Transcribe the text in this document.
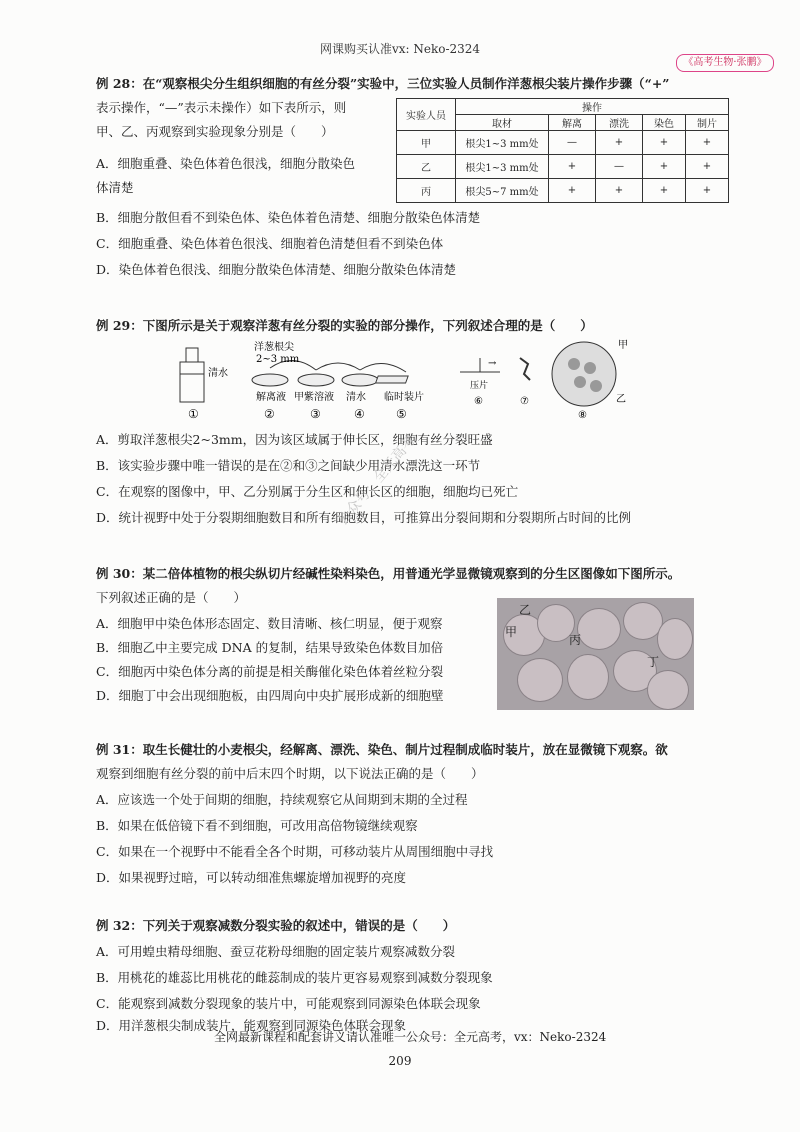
网课购买认准vx: Neko-2324
《高考生物·张鹏》
例 28：在“观察根尖分生组织细胞的有丝分裂”实验中，三位实验人员制作洋葱根尖装片操作步骤（“+”
表示操作，“—”表示未操作）如下表所示，则
甲、乙、丙观察到实验现象分别是（　　）
实验人员	操作				
	取材	解离	漂洗	染色	制片
甲	根尖1~3 mm处	—	+	+	+
乙	根尖1~3 mm处	+	—	+	+
丙	根尖5~7 mm处	+	+	+	+
A．细胞重叠、染色体着色很浅，细胞分散染色
体清楚
B．细胞分散但看不到染色体、染色体着色清楚、细胞分散染色体清楚
C．细胞重叠、染色体着色很浅、细胞着色清楚但看不到染色体
D．染色体着色很浅、细胞分散染色体清楚、细胞分散染色体清楚
例 29：下图所示是关于观察洋葱有丝分裂的实验的部分操作，下列叙述合理的是（　　）
→
①	②	③	④	⑤
⑥	⑦
⑧
洋葱根尖
2~3 mm
清水
解离液 甲紫溶液 清水 临时装片
压片
甲
乙
A．剪取洋葱根尖2~3mm，因为该区域属于伸长区，细胞有丝分裂旺盛
B．该实验步骤中唯一错误的是在②和③之间缺少用清水漂洗这一环节
C．在观察的图像中，甲、乙分别属于分生区和伸长区的细胞，细胞均已死亡
D．统计视野中处于分裂期细胞数目和所有细胞数目，可推算出分裂间期和分裂期所占时间的比例
公众号：全元高考
例 30：某二倍体植物的根尖纵切片经碱性染料染色，用普通光学显微镜观察到的分生区图像如下图所示。
下列叙述正确的是（　　）
A．细胞甲中染色体形态固定、数目清晰、核仁明显，便于观察
B．细胞乙中主要完成 DNA 的复制，结果导致染色体数目加倍
C．细胞丙中染色体分离的前提是相关酶催化染色体着丝粒分裂
D．细胞丁中会出现细胞板，由四周向中央扩展形成新的细胞壁
乙
甲
丙
丁
例 31：取生长健壮的小麦根尖，经解离、漂洗、染色、制片过程制成临时装片，放在显微镜下观察。欲
观察到细胞有丝分裂的前中后末四个时期，以下说法正确的是（　　）
A．应该选一个处于间期的细胞，持续观察它从间期到末期的全过程
B．如果在低倍镜下看不到细胞，可改用高倍物镜继续观察
C．如果在一个视野中不能看全各个时期，可移动装片从周围细胞中寻找
D．如果视野过暗，可以转动细准焦螺旋增加视野的亮度
例 32：下列关于观察减数分裂实验的叙述中，错误的是（　　）
A．可用蝗虫精母细胞、蚕豆花粉母细胞的固定装片观察减数分裂
B．用桃花的雄蕊比用桃花的雌蕊制成的装片更容易观察到减数分裂现象
C．能观察到减数分裂现象的装片中，可能观察到同源染色体联会现象
D．用洋葱根尖制成装片，能观察到同源染色体联会现象
全网最新课程和配套讲义请认准唯一公众号：全元高考，vx：Neko-2324
209
